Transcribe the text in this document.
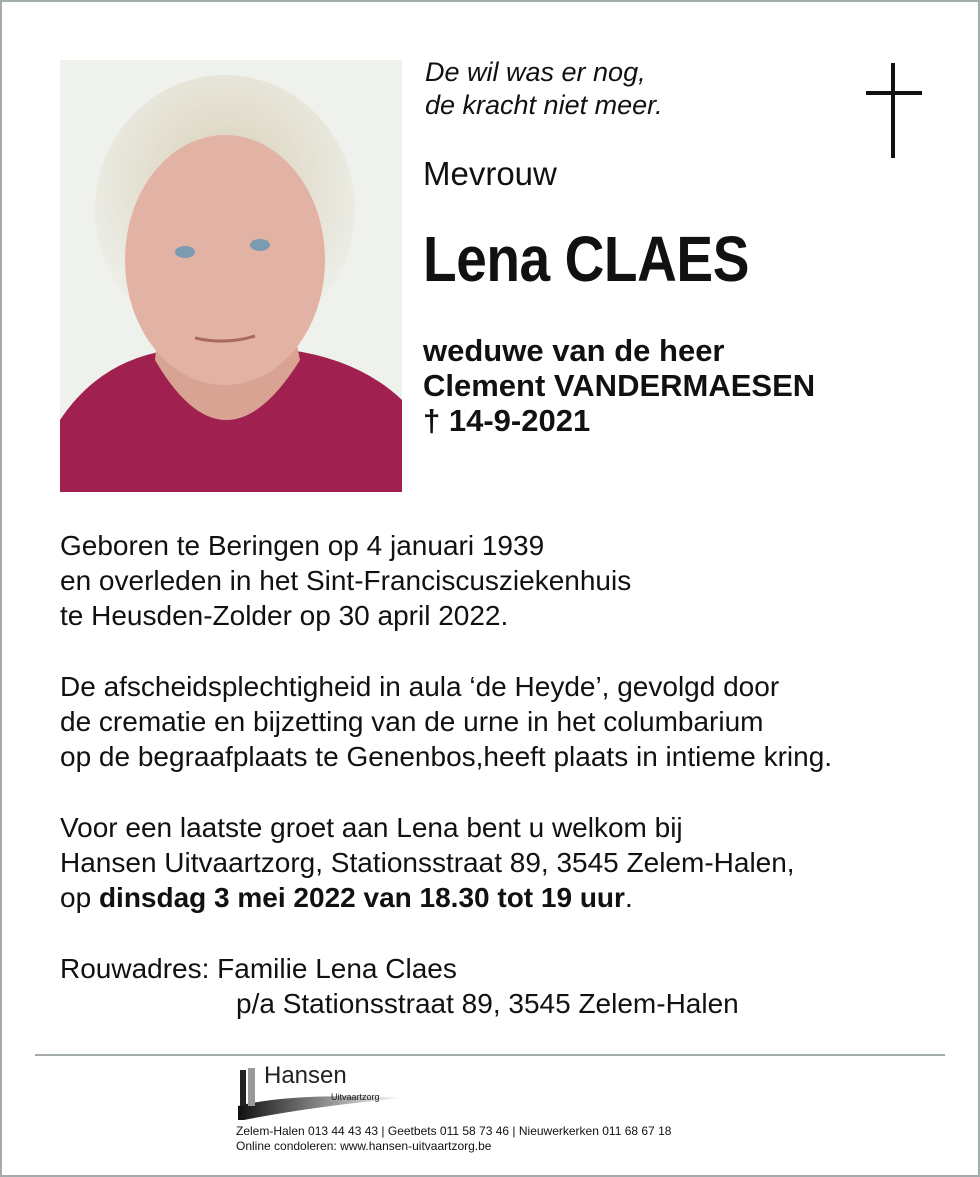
De wil was er nog,
de kracht niet meer.
Mevrouw
Lena CLAES
weduwe van de heer
Clement VANDERMAESEN
† 14-9-2021
Geboren te Beringen op 4 januari 1939
en overleden in het Sint-Franciscusziekenhuis
te Heusden-Zolder op 30 april 2022.
De afscheidsplechtigheid in aula ‘de Heyde’, gevolgd door
de crematie en bijzetting van de urne in het columbarium
op de begraafplaats te Genenbos,heeft plaats in intieme kring.
Voor een laatste groet aan Lena bent u welkom bij
Hansen Uitvaartzorg, Stationsstraat 89, 3545 Zelem-Halen,
op dinsdag 3 mei 2022 van 18.30 tot 19 uur.
Rouwadres: Familie Lena Claes
p/a Stationsstraat 89, 3545 Zelem-Halen
Hansen
Uitvaartzorg
Zelem-Halen 013 44 43 43 | Geetbets 011 58 73 46 | Nieuwerkerken 011 68 67 18
Online condoleren: www.hansen-uitvaartzorg.be
